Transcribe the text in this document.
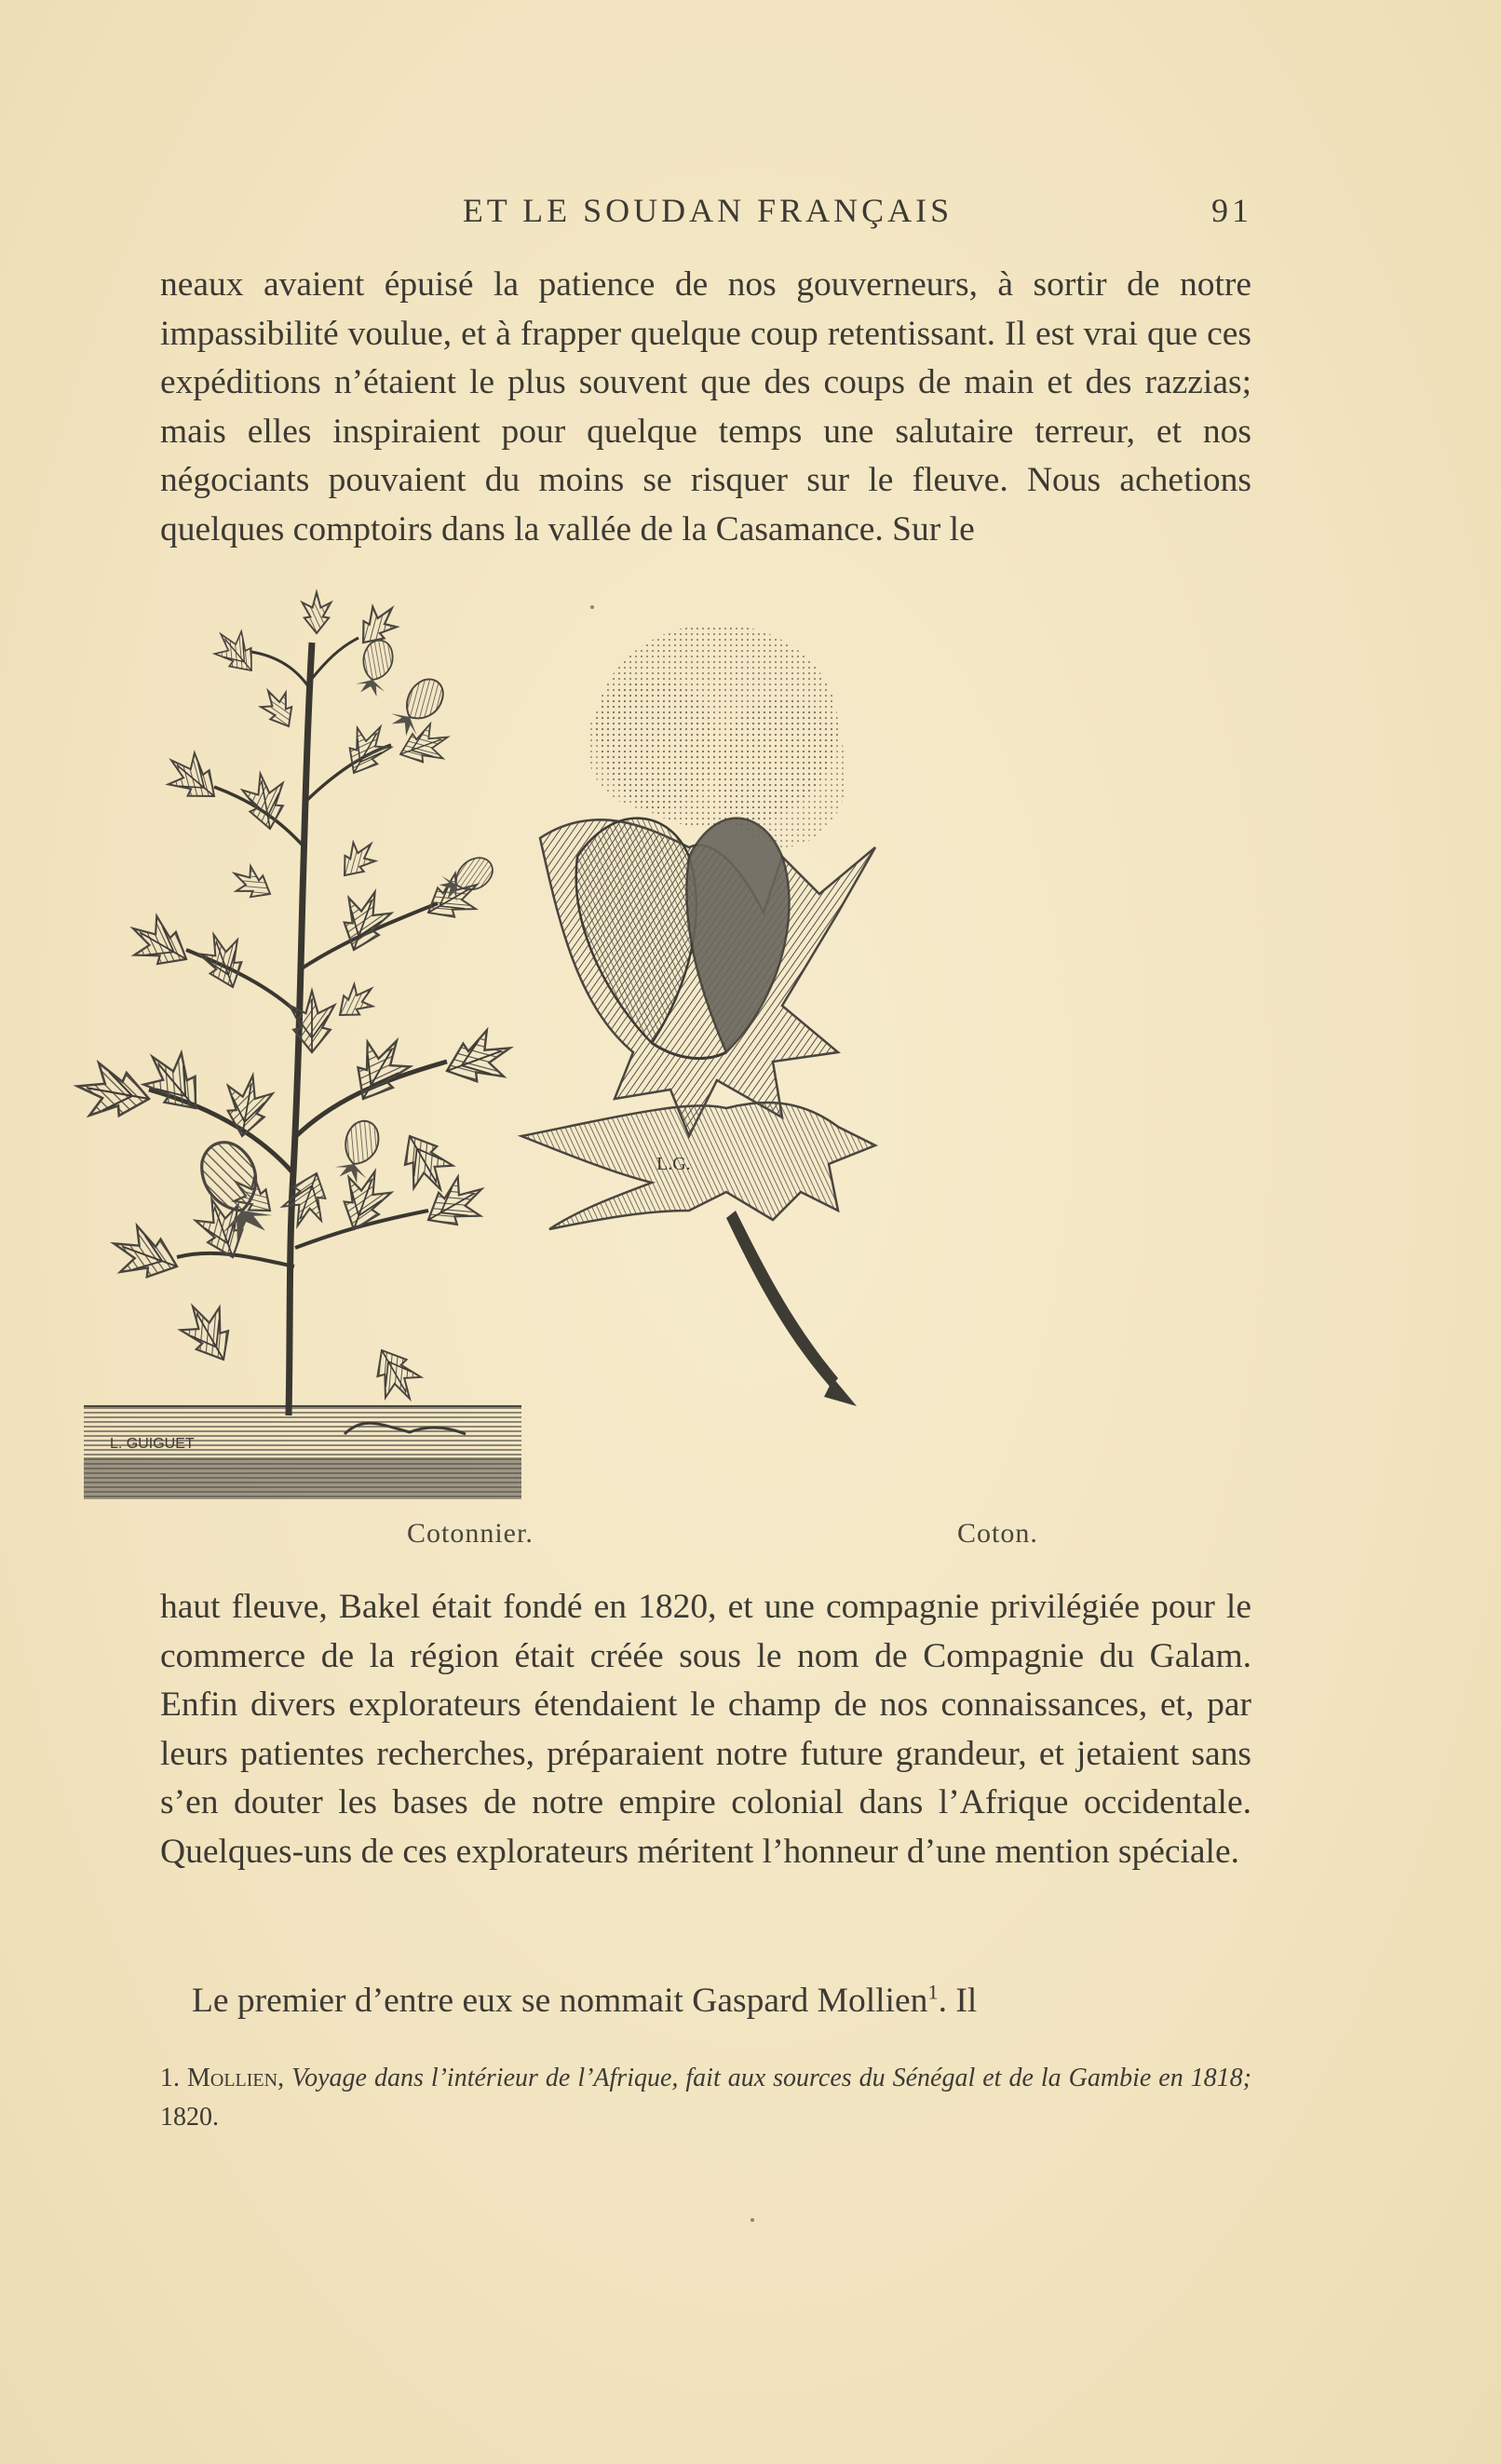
ET LE SOUDAN FRANÇAIS	91

neaux avaient épuisé la patience de nos gouverneurs, à sortir de notre impassibilité voulue, et à frapper quelque coup retentissant. Il est vrai que ces expéditions n’étaient le plus souvent que des coups de main et des razzias; mais elles inspiraient pour quelque temps une salutaire terreur, et nos négociants pouvaient du moins se risquer sur le fleuve. Nous achetions quelques comptoirs dans la vallée de la Casamance. Sur le

L. GUIGUET
L.G.
Cotonnier.	Coton.

haut fleuve, Bakel était fondé en 1820, et une compagnie privilégiée pour le commerce de la région était créée sous le nom de Compagnie du Galam. Enfin divers explorateurs étendaient le champ de nos connaissances, et, par leurs patientes recherches, préparaient notre future grandeur, et jetaient sans s’en douter les bases de notre empire colonial dans l’Afrique occidentale. Quelques-uns de ces explorateurs méritent l’honneur d’une mention spéciale.

Le premier d’entre eux se nommait Gaspard Mollien$^1$. Il

1. Mollien, Voyage dans l’intérieur de l’Afrique, fait aux sources du Sénégal et de la Gambie en 1818; 1820.
